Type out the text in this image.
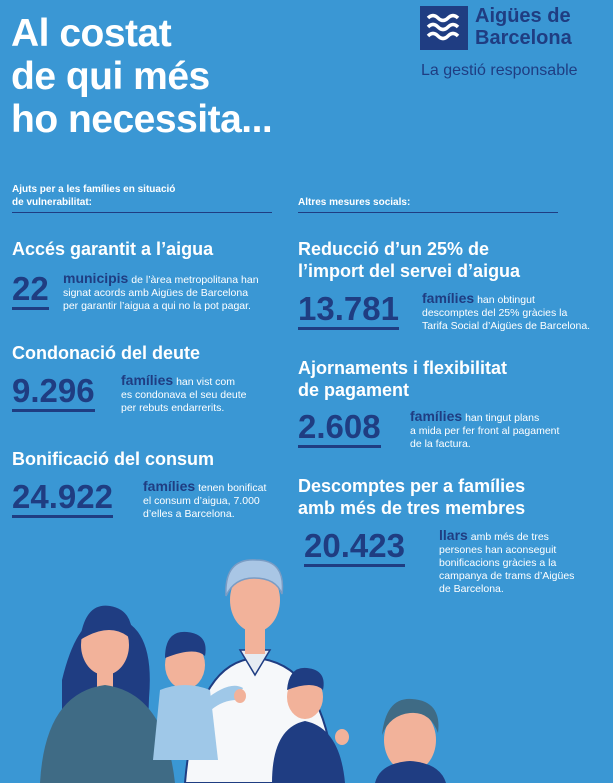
Al costat
de qui més
ho necessita...
Aigües de
Barcelona
La gestió responsable
Ajuts per a les famílies en situació
de vulnerabilitat:	Altres mesures socials:
Accés garantit a l’aigua
22 municipis de l’àrea metropolitana han
signat acords amb Aigües de Barcelona
per garantir l’aigua a qui no la pot pagar.
Condonació del deute
9.296 famílies han vist com
es condonava el seu deute
per rebuts endarrerits.
Bonificació del consum
24.922 famílies tenen bonificat
el consum d’aigua, 7.000
d’elles a Barcelona.
Reducció d’un 25% de
l’import del servei d’aigua
13.781 famílies han obtingut
descomptes del 25% gràcies la
Tarifa Social d’Aigües de Barcelona.
Ajornaments i flexibilitat
de pagament
2.608 famílies han tingut plans
a mida per fer front al pagament
de la factura.
Descomptes per a famílies
amb més de tres membres
20.423 llars amb més de tres
persones han aconseguit
bonificacions gràcies a la
campanya de trams d’Aigües
de Barcelona.
